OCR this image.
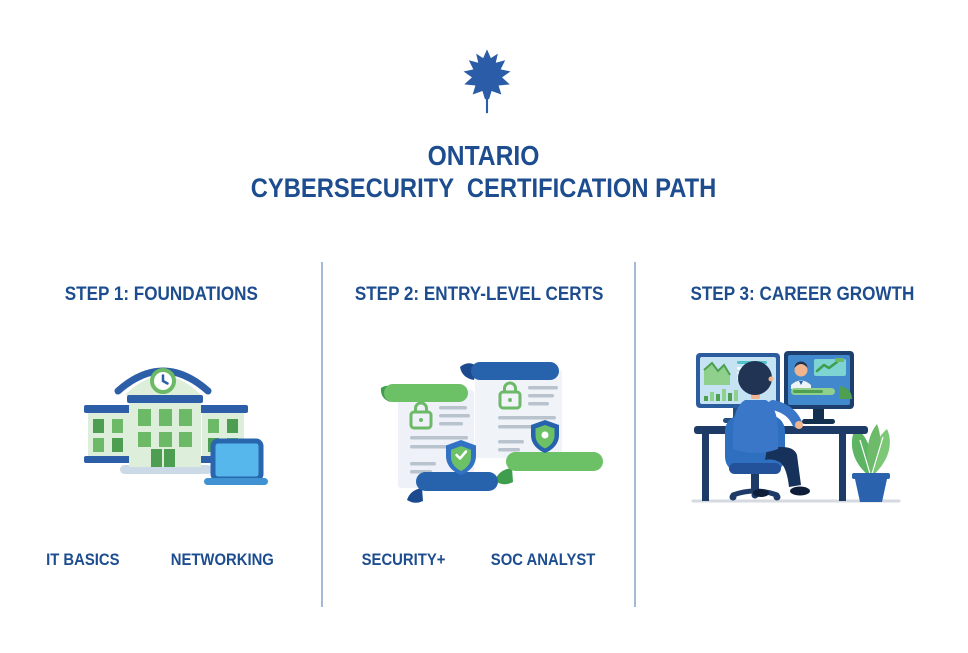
ONTARIO
CYBERSECURITY  CERTIFICATION PATH
STEP 1: FOUNDATIONS
IT BASICS	NETWORKING
STEP 2: ENTRY-LEVEL CERTS
SECURITY+	SOC ANALYST
STEP 3: CAREER GROWTH
